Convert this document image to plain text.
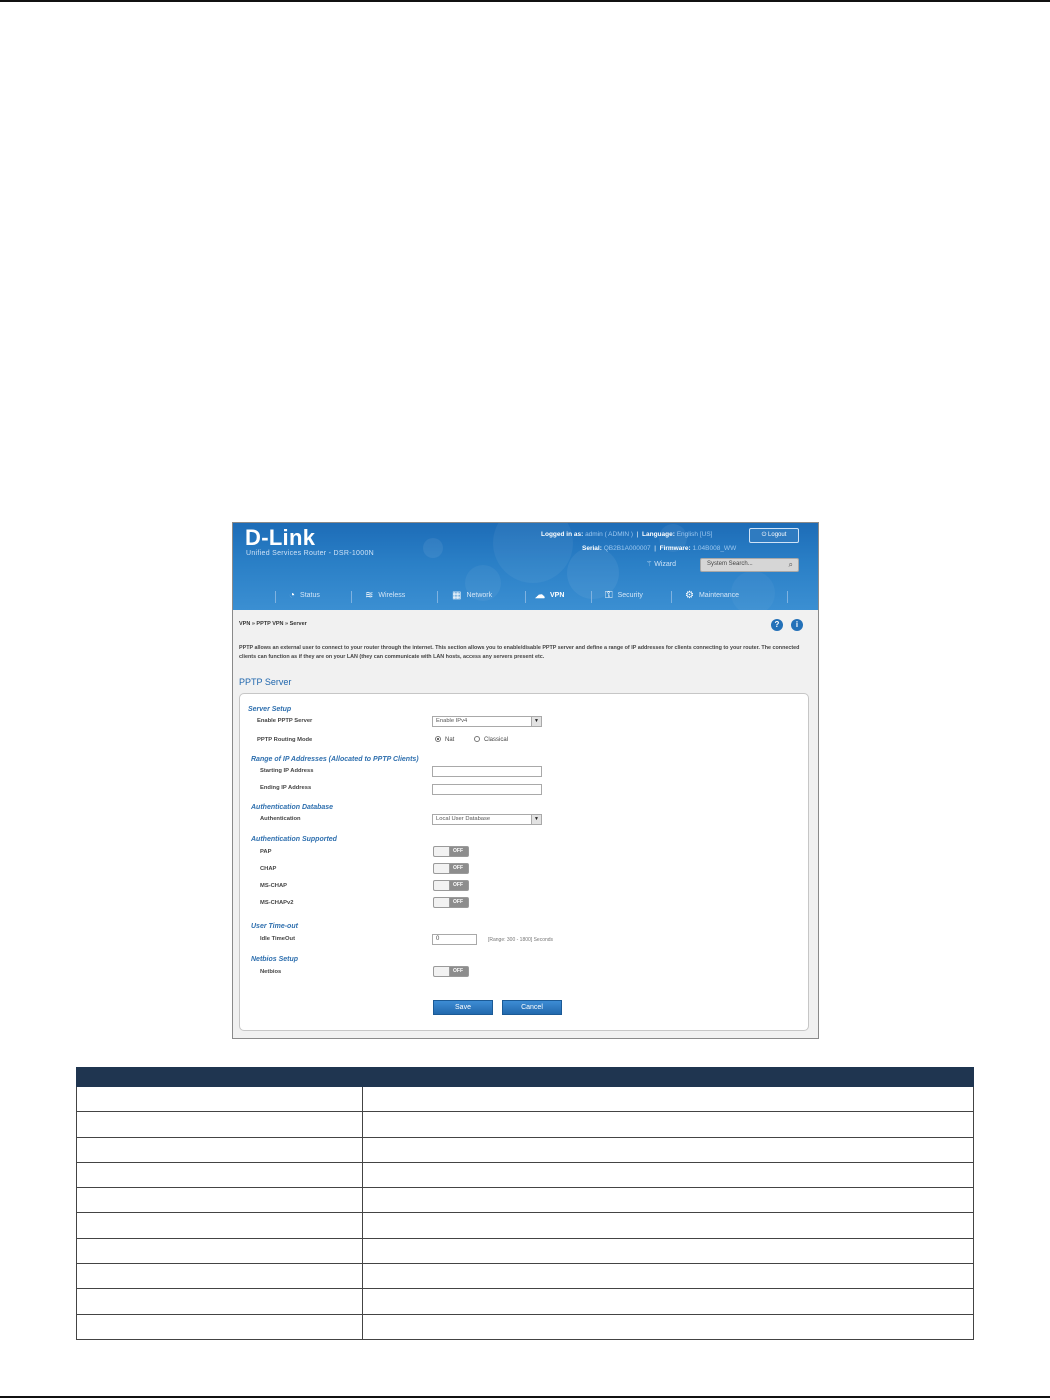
D-Link
Unified Services Router - DSR-1000N
Logged in as: admin ( ADMIN )  |  Language: English [US]	⏻ Logout
Serial: QB2B1A000007  |  Firmware: 1.04B008_WW
⚚ Wizard	System Search...	⌕
◔ Status	≋ Wireless	▦ Network	☁ VPN	⚿ Security	⚙ Maintenance
VPN » PPTP VPN » Server	?	i
PPTP allows an external user to connect to your router through the internet. This section allows you to enable/disable PPTP server and define a range of IP addresses for clients connecting to your router. The connected clients can function as if they are on your LAN (they can communicate with LAN hosts, access any servers present etc.
PPTP Server
Server Setup
Enable PPTP Server	Enable IPv4	▼
PPTP Routing Mode	Nat	Classical
Range of IP Addresses (Allocated to PPTP Clients)
Starting IP Address
Ending IP Address
Authentication Database
Authentication	Local User Database	▼
Authentication Supported
PAP	OFF
CHAP	OFF
MS-CHAP	OFF
MS-CHAPv2	OFF
User Time-out
Idle TimeOut	0	[Range: 300 - 1800] Seconds
Netbios Setup
Netbios	OFF
Save	Cancel
